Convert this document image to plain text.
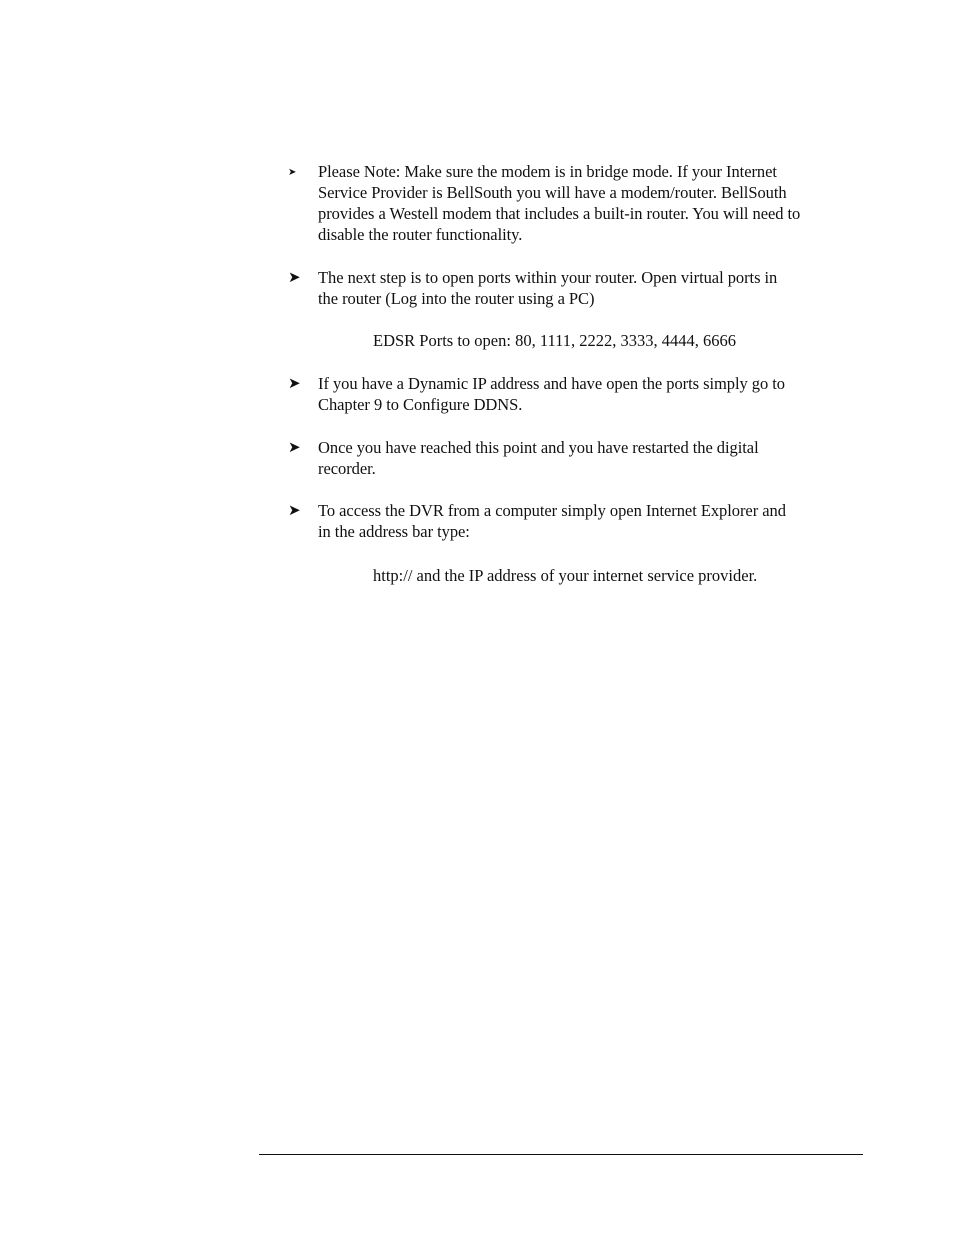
➤	Please Note: Make sure the modem is in bridge mode. If your Internet
Service Provider is BellSouth you will have a modem/router. BellSouth
provides a Westell modem that includes a built-in router. You will need to
disable the router functionality.
➤	The next step is to open ports within your router. Open virtual ports in
the router (Log into the router using a PC)
EDSR Ports to open: 80, 1111, 2222, 3333, 4444, 6666
➤	If you have a Dynamic IP address and have open the ports simply go to
Chapter 9 to Configure DDNS.
➤	Once you have reached this point and you have restarted the digital
recorder.
➤	To access the DVR from a computer simply open Internet Explorer and
in the address bar type:
http:// and the IP address of your internet service provider.
